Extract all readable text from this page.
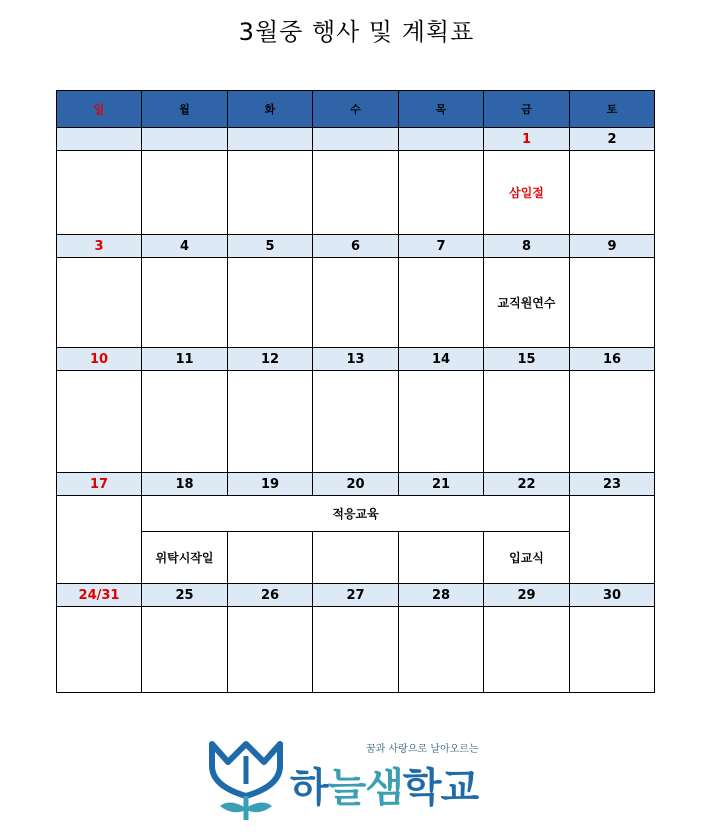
3월중 행사 및 계획표
일	월	화	수	목	금	토
					1	2
					삼일절	
3	4	5	6	7	8	9
					교직원연수	
10	11	12	13	14	15	16

17	18	19	20	21	22	23
	적응교육					
	위탁시작일				입교식	
24/31	25	26	27	28	29	30

꿈과 사랑으로 날아오르는
하늘샘학교
